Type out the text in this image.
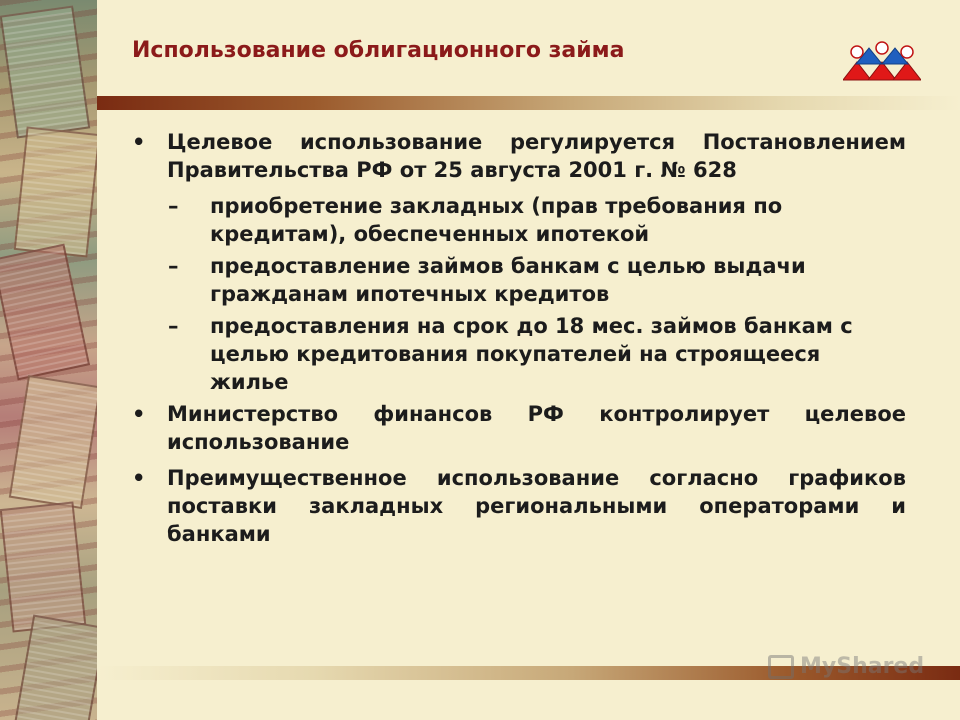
Использование облигационного займа
• Целевое использование регулируется Постановлением Правительства РФ от 25 августа 2001 г. № 628
– приобретение закладных (прав требования по кредитам), обеспеченных ипотекой
– предоставление займов банкам с целью выдачи гражданам ипотечных кредитов
– предоставления на срок до 18 мес. займов банкам с целью кредитования покупателей на строящееся жилье
• Министерство финансов РФ контролирует целевое использование
• Преимущественное использование согласно графиков поставки закладных региональными операторами и банками
MyShared
